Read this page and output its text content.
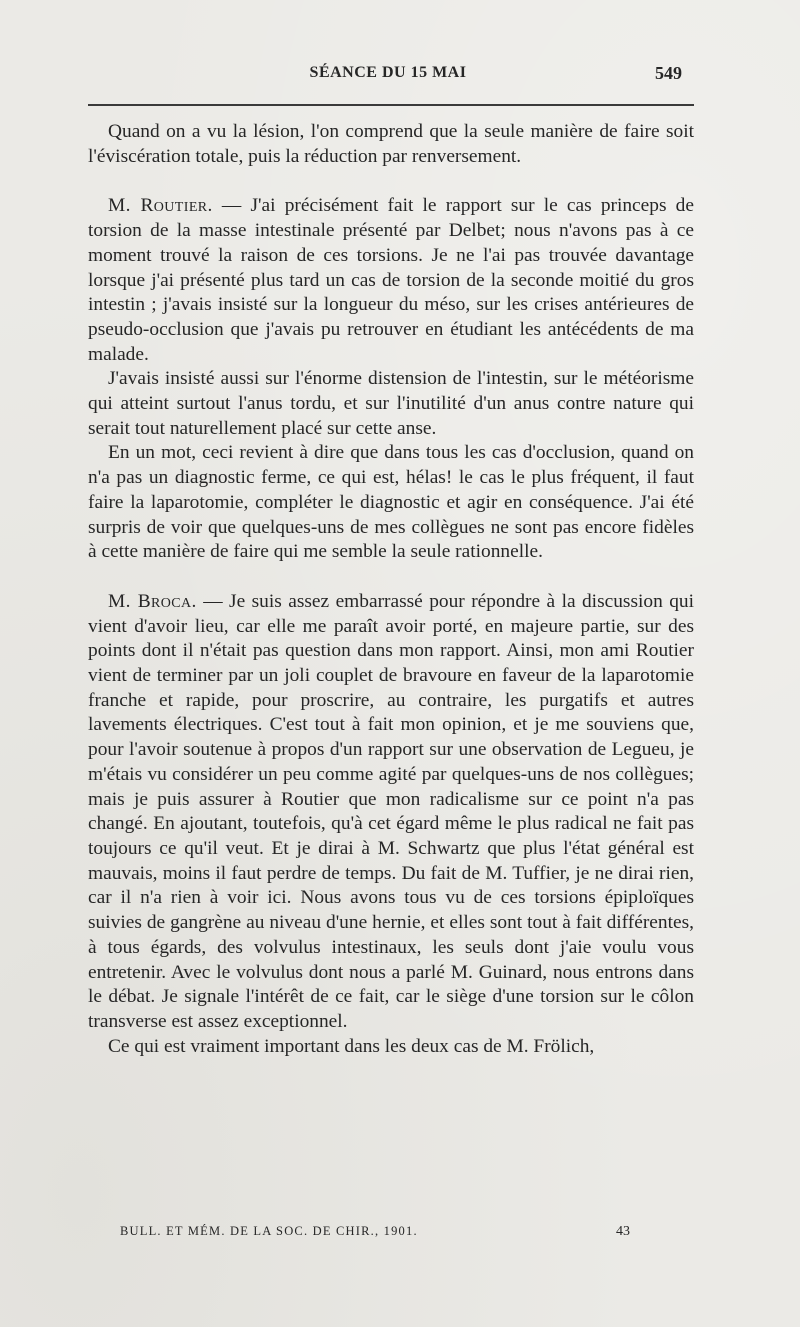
SÉANCE DU 15 MAI	549

Quand on a vu la lésion, l'on comprend que la seule manière de faire soit l'éviscération totale, puis la réduction par renversement.

M. Routier. — J'ai précisément fait le rapport sur le cas princeps de torsion de la masse intestinale présenté par Delbet; nous n'avons pas à ce moment trouvé la raison de ces torsions. Je ne l'ai pas trouvée davantage lorsque j'ai présenté plus tard un cas de torsion de la seconde moitié du gros intestin ; j'avais insisté sur la longueur du méso, sur les crises antérieures de pseudo-occlusion que j'avais pu retrouver en étudiant les antécédents de ma malade.

J'avais insisté aussi sur l'énorme distension de l'intestin, sur le météorisme qui atteint surtout l'anus tordu, et sur l'inutilité d'un anus contre nature qui serait tout naturellement placé sur cette anse.

En un mot, ceci revient à dire que dans tous les cas d'occlusion, quand on n'a pas un diagnostic ferme, ce qui est, hélas! le cas le plus fréquent, il faut faire la laparotomie, compléter le diagnostic et agir en conséquence. J'ai été surpris de voir que quelques-uns de mes collègues ne sont pas encore fidèles à cette manière de faire qui me semble la seule rationnelle.

M. Broca. — Je suis assez embarrassé pour répondre à la discussion qui vient d'avoir lieu, car elle me paraît avoir porté, en majeure partie, sur des points dont il n'était pas question dans mon rapport. Ainsi, mon ami Routier vient de terminer par un joli couplet de bravoure en faveur de la laparotomie franche et rapide, pour proscrire, au contraire, les purgatifs et autres lavements électriques. C'est tout à fait mon opinion, et je me souviens que, pour l'avoir soutenue à propos d'un rapport sur une observation de Legueu, je m'étais vu considérer un peu comme agité par quelques-uns de nos collègues; mais je puis assurer à Routier que mon radicalisme sur ce point n'a pas changé. En ajoutant, toutefois, qu'à cet égard même le plus radical ne fait pas toujours ce qu'il veut. Et je dirai à M. Schwartz que plus l'état général est mauvais, moins il faut perdre de temps. Du fait de M. Tuffier, je ne dirai rien, car il n'a rien à voir ici. Nous avons tous vu de ces torsions épiploïques suivies de gangrène au niveau d'une hernie, et elles sont tout à fait différentes, à tous égards, des volvulus intestinaux, les seuls dont j'aie voulu vous entretenir. Avec le volvulus dont nous a parlé M. Guinard, nous entrons dans le débat. Je signale l'intérêt de ce fait, car le siège d'une torsion sur le côlon transverse est assez exceptionnel.

Ce qui est vraiment important dans les deux cas de M. Frölich,

BULL. ET MÉM. DE LA SOC. DE CHIR., 1901.	43
